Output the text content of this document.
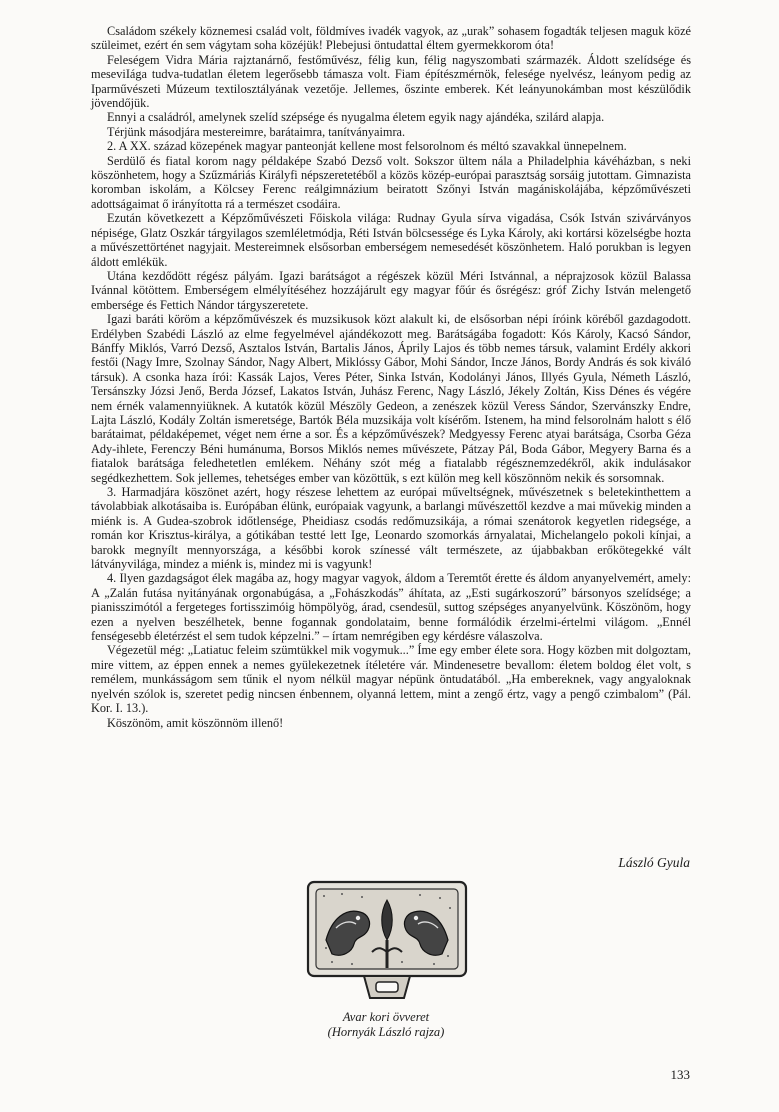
Családom székely köznemesi család volt, földmíves ivadék vagyok, az „urak” sohasem fogadták teljesen maguk közé szüleimet, ezért én sem vágytam soha közéjük! Plebejusi öntudattal éltem gyermekkorom óta!

Feleségem Vidra Mária rajztanárnő, festőművész, félig kun, félig nagyszombati származék. Áldott szelídsége és meseviIága tudva-tudatlan életem legerősebb támasza volt. Fiam építészmérnök, felesége nyelvész, leányom pedig az Iparművészeti Múzeum textilosztályának vezetője. Jellemes, őszinte emberek. Két leányunokámban most készülődik jövendőjük.

Ennyi a családról, amelynek szelíd szépsége és nyugalma életem egyik nagy ajándéka, szilárd alapja.

Térjünk másodjára mestereimre, barátaimra, tanítványaimra.

2. A XX. század közepének magyar panteonját kellene most felsorolnom és méltó szavakkal ünnepelnem.

Serdülő és fiatal korom nagy példaképe Szabó Dezső volt. Sokszor ültem nála a Philadelphia kávéházban, s neki köszönhetem, hogy a Szűzmáriás Királyfi népszeretetéből a közös közép-európai parasztság sorsáig jutottam. Gimnazista koromban iskolám, a Kölcsey Ferenc reálgimnázium beiratott Szőnyi István magániskolájába, képzőművészeti adottságaimat ő irányította rá a természet csodáira.

Ezután következett a Képzőművészeti Főiskola világa: Rudnay Gyula sírva vigadása, Csók István szivárványos népisége, Glatz Oszkár tárgyilagos szemléletmódja, Réti István bölcsessége és Lyka Károly, aki kortársi közelségbe hozta a művészettörténet nagyjait. Mestereimnek elsősorban emberségem nemesedését köszönhetem. Haló porukban is legyen áldott emlékük.

Utána kezdődött régész pályám. Igazi barátságot a régészek közül Méri Istvánnal, a néprajzosok közül Balassa Ivánnal kötöttem. Emberségem elmélyítéséhez hozzájárult egy magyar főúr és ősrégész: gróf Zichy István melengető embersége és Fettich Nándor tárgyszeretete.

Igazi baráti köröm a képzőművészek és muzsikusok közt alakult ki, de elsősorban népi íróink köréből gazdagodott. Erdélyben Szabédi László az elme fegyelmével ajándékozott meg. Barátságába fogadott: Kós Károly, Kacsó Sándor, Bánffy Miklós, Varró Dezső, Asztalos István, Bartalis János, Áprily Lajos és több nemes társuk, valamint Erdély akkori festői (Nagy Imre, Szolnay Sándor, Nagy Albert, Miklóssy Gábor, Mohi Sándor, Incze János, Bordy András és sok kiváló társuk). A csonka haza írói: Kassák Lajos, Veres Péter, Sinka István, Kodolányi János, Illyés Gyula, Németh László, Tersánszky Józsi Jenő, Berda József, Lakatos István, Juhász Ferenc, Nagy László, Jékely Zoltán, Kiss Dénes és végére nem érnék valamennyiüknek. A kutatók közül Mészöly Gedeon, a zenészek közül Veress Sándor, Szervánszky Endre, Lajta László, Kodály Zoltán ismeretsége, Bartók Béla muzsikája volt kísérőm. Istenem, ha mind felsorolnám halott s élő barátaimat, példaképemet, véget nem érne a sor. És a képzőművészek? Medgyessy Ferenc atyai barátsága, Csorba Géza Ady-ihlete, Ferenczy Béni humánuma, Borsos Miklós nemes művészete, Pátzay Pál, Boda Gábor, Megyery Barna és a fiatalok barátsága feledhetetlen emlékem. Néhány szót még a fiatalabb régésznemzedékről, akik indulásakor segédkezhettem. Sok jellemes, tehetséges ember van közöttük, s ezt külön meg kell köszönnöm nekik és sorsomnak.

3. Harmadjára köszönet azért, hogy részese lehettem az európai műveltségnek, művészetnek s beletekinthettem a távolabbiak alkotásaiba is. Európában élünk, európaiak vagyunk, a barlangi művészettől kezdve a mai művekig minden a miénk is. A Gudea-szobrok időtlensége, Pheidiasz csodás redőmuzsikája, a római szenátorok kegyetlen ridegsége, a román kor Krisztus-királya, a gótikában testté lett Ige, Leonardo szomorkás árnyalatai, Michelangelo pokoli kínjai, a barokk megnyílt mennyországa, a későbbi korok színessé vált természete, az újabbakban erőkötegekké vált látványvilága, mindez a miénk is, mindez mi is vagyunk!

4. Ilyen gazdagságot élek magába az, hogy magyar vagyok, áldom a Teremtőt érette és áldom anyanyelvemért, amely: A „Zalán futása nyitányának orgonabúgása, a „Fohászkodás” áhítata, az „Esti sugárkoszorú” bársonyos szelídsége; a pianisszimótól a fergeteges fortisszimóig hömpölyög, árad, csendesül, suttog szépséges anyanyelvünk. Köszönöm, hogy ezen a nyelven beszélhetek, benne fogannak gondolataim, benne formálódik érzelmi-értelmi világom. „Ennél fenségesebb életérzést el sem tudok képzelni.” – írtam nemrégiben egy kérdésre válaszolva.

Végezetül még: „Latiatuc feleim szümtükkel mik vogymuk...” Íme egy ember élete sora. Hogy közben mit dolgoztam, mire vittem, az éppen ennek a nemes gyülekezetnek ítéletére vár. Mindenesetre bevallom: életem boldog élet volt, s remélem, munkásságom sem tűnik el nyom nélkül magyar népünk öntudatából. „Ha embereknek, vagy angyaloknak nyelvén szólok is, szeretet pedig nincsen énbennem, olyanná lettem, mint a zengő értz, vagy a pengő czimbalom” (Pál. Kor. I. 13.).

Köszönöm, amit köszönnöm illenő!

László Gyula
Avar kori övveret
(Hornyák László rajza)
133
